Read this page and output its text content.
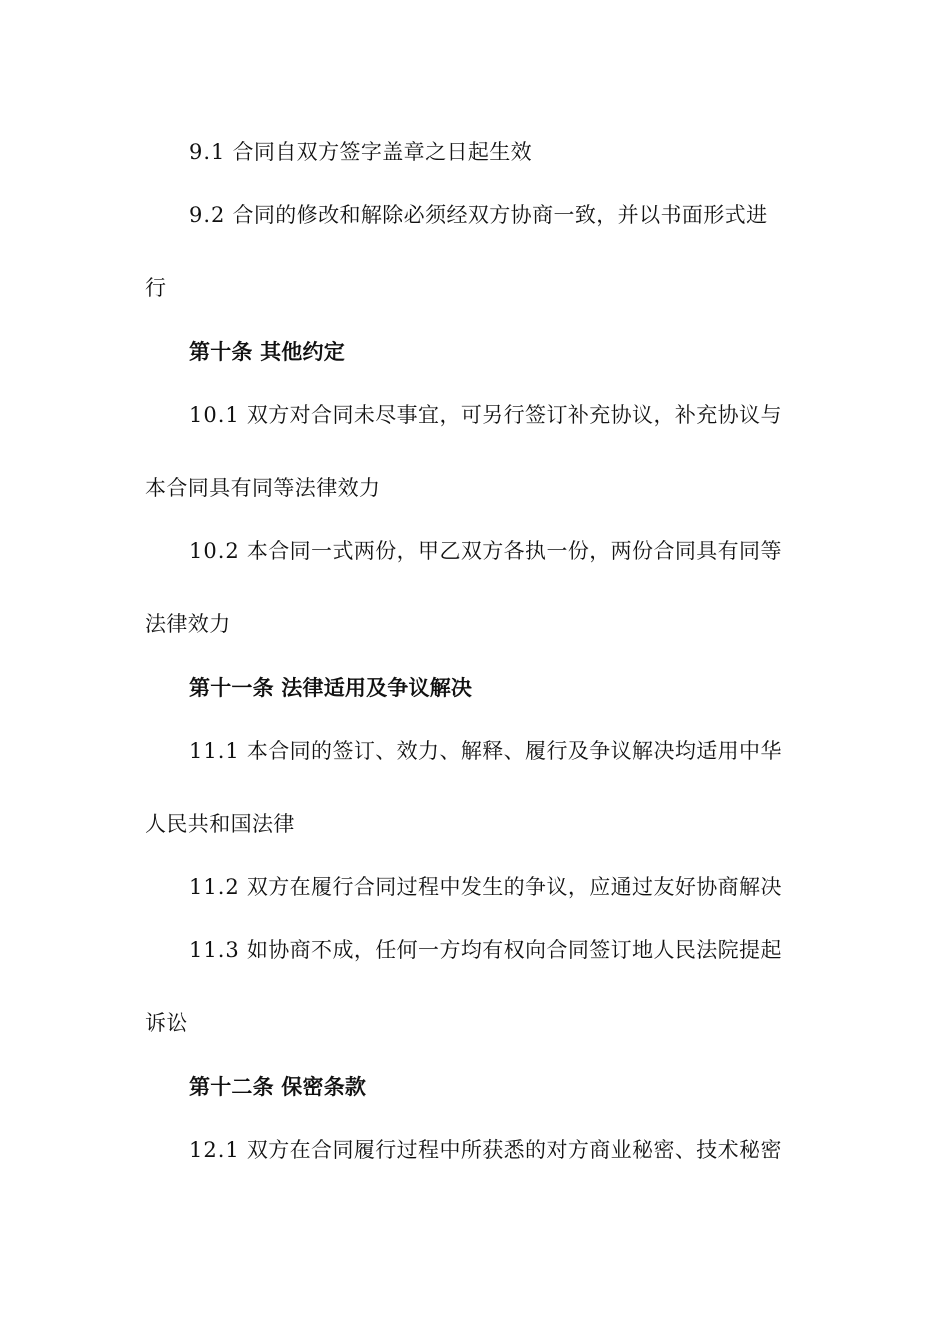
9.1 合同自双方签字盖章之日起生效
9.2 合同的修改和解除必须经双方协商一致，并以书面形式进
行
第十条 其他约定
10.1 双方对合同未尽事宜，可另行签订补充协议，补充协议与
本合同具有同等法律效力
10.2 本合同一式两份，甲乙双方各执一份，两份合同具有同等
法律效力
第十一条 法律适用及争议解决
11.1 本合同的签订、效力、解释、履行及争议解决均适用中华
人民共和国法律
11.2 双方在履行合同过程中发生的争议，应通过友好协商解决
11.3 如协商不成，任何一方均有权向合同签订地人民法院提起
诉讼
第十二条 保密条款
12.1 双方在合同履行过程中所获悉的对方商业秘密、技术秘密
